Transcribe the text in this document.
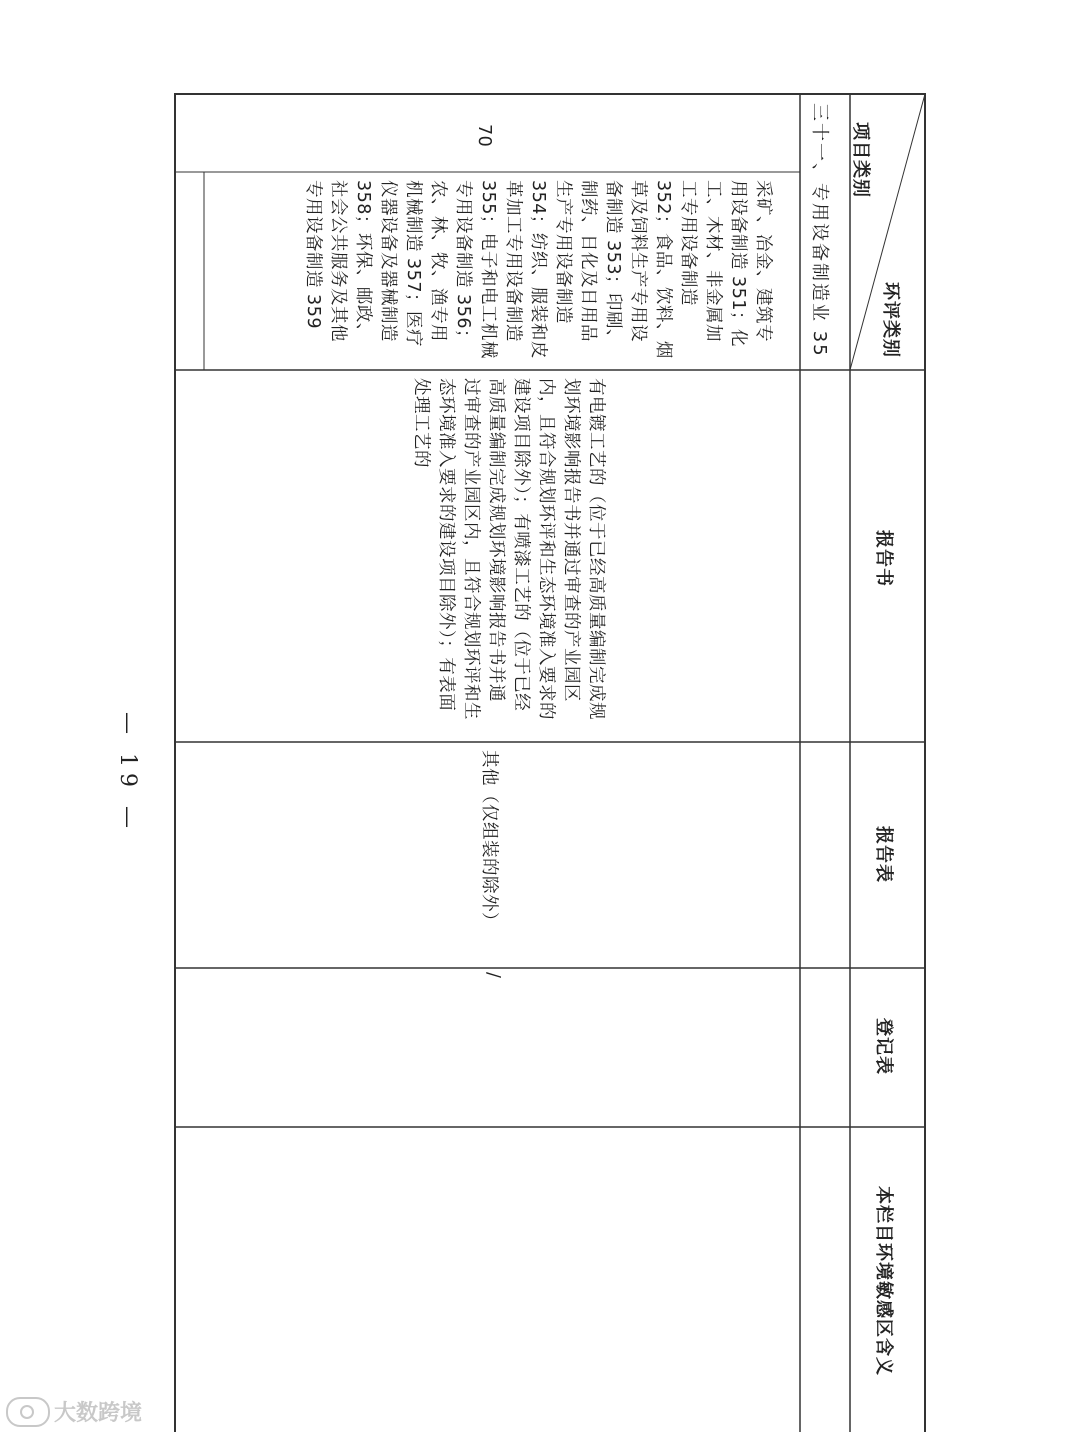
环评类别
项目类别
报告书
报告表
登记表
本栏目环境敏感区含义
三十一、专用设备制造业 35
70
采矿、冶金、建筑专
用设备制造 351；化
工、木材、非金属加
工专用设备制造
352；食品、饮料、烟
草及饲料生产专用设
备制造 353；印刷、
制药、日化及日用品
生产专用设备制造
354；纺织、服装和皮
革加工专用设备制造
355；电子和电工机械
专用设备制造 356；
农、林、牧、渔专用
机械制造 357；医疗
仪器设备及器械制造
358；环保、邮政、
社会公共服务及其他
专用设备制造 359
有电镀工艺的（位于已经高质量编制完成规
划环境影响报告书并通过审查的产业园区
内，且符合规划环评和生态环境准入要求的
建设项目除外）；有喷漆工艺的（位于已经
高质量编制完成规划环境影响报告书并通
过审查的产业园区内，且符合规划环评和生
态环境准入要求的建设项目除外）；有表面
处理工艺的
其他（仅组装的除外）
/
— 19 —
大数跨境
